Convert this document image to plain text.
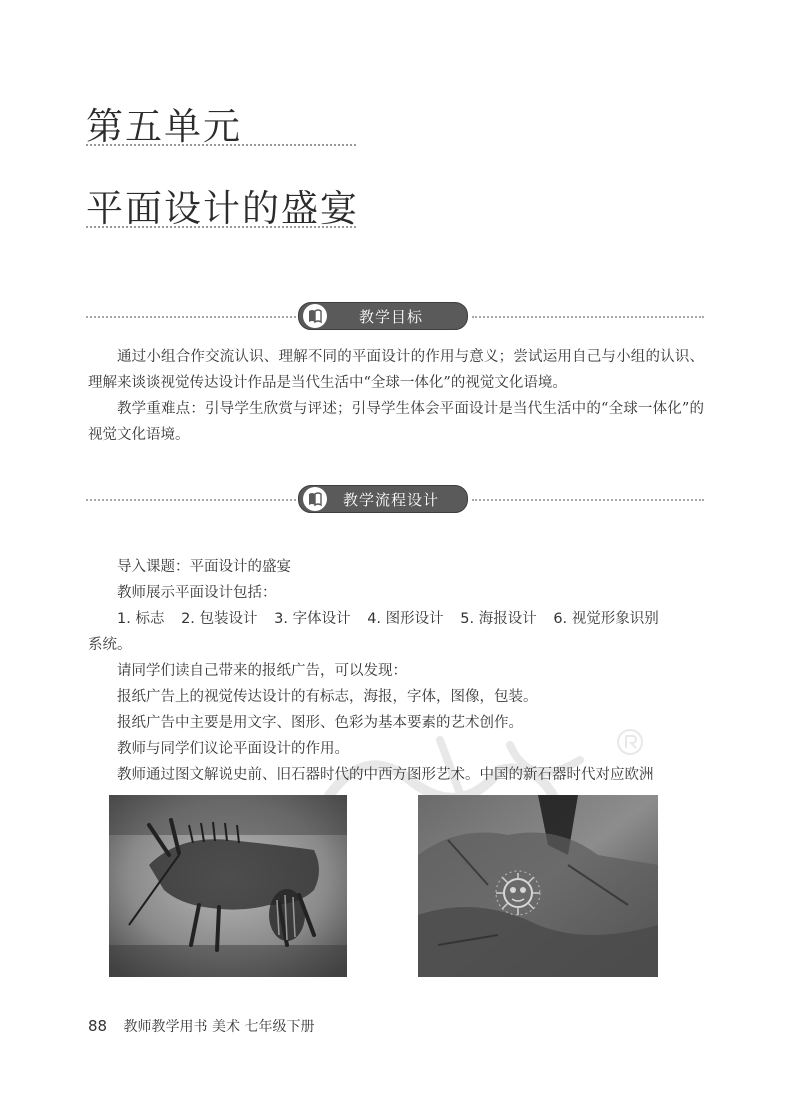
第五单元
平面设计的盛宴
教学目标

通过小组合作交流认识、理解不同的平面设计的作用与意义；尝试运用自己与小组的认识、理解来谈谈视觉传达设计作品是当代生活中“全球一体化”的视觉文化语境。

教学重难点：引导学生欣赏与评述；引导学生体会平面设计是当代生活中的“全球一体化”的视觉文化语境。

教学流程设计

导入课题：平面设计的盛宴

教师展示平面设计包括：

1. 标志 2. 包装设计 3. 字体设计 4. 图形设计 5. 海报设计 6. 视觉形象识别

系统。

请同学们读自己带来的报纸广告，可以发现：

报纸广告上的视觉传达设计的有标志，海报，字体，图像，包装。

报纸广告中主要是用文字、图形、色彩为基本要素的艺术创作。

教师与同学们议论平面设计的作用。

教师通过图文解说史前、旧石器时代的中西方图形艺术。中国的新石器时代对应欧洲

88 教师教学用书 美术 七年级下册
